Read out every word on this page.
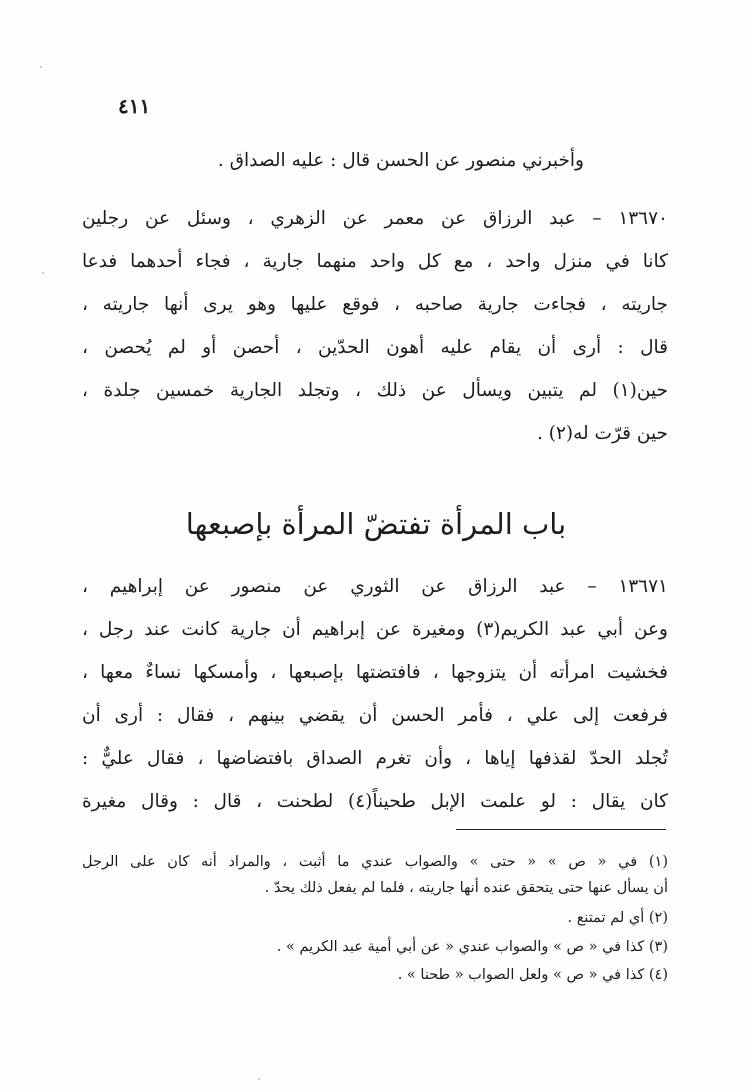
٤١١
وأخبرني منصور عن الحسن قال : عليه الصداق .
١٣٦٧٠ – عبد الرزاق عن معمر عن الزهري ، وسئل عن رجلين
كانا في منزل واحد ، مع كل واحد منهما جارية ، فجاء أحدهما فدعا
جاريته ، فجاءت جارية صاحبه ، فوقع عليها وهو يرى أنها جاريته ،
قال : أرى أن يقام عليه أهون الحدّين ، أحصن أو لم يُحصن ،
حين(١) لم يتبين ويسأل عن ذلك ، وتجلد الجارية خمسين جلدة ،
حين قرّت له(٢) .
باب المرأة تفتضّ المرأة بإصبعها
١٣٦٧١ – عبد الرزاق عن الثوري عن منصور عن إبراهيم ،
وعن أبي عبد الكريم(٣) ومغيرة عن إبراهيم أن جارية كانت عند رجل ،
فخشيت امرأته أن يتزوجها ، فافتضتها بإصبعها ، وأمسكها نساءٌ معها ،
فرفعت إلى علي ، فأمر الحسن أن يقضي بينهم ، فقال : أرى أن
تُجلد الحدّ لقذفها إياها ، وأن تغرم الصداق بافتضاضها ، فقال عليٌّ :
كان يقال : لو علمت الإبل طحيناً(٤) لطحنت ، قال : وقال مغيرة
(١) في « ص » « حتى » والصواب عندي ما أثبت ، والمراد أنه كان على الرجل
أن يسأل عنها حتى يتحقق عنده أنها جاريته ، فلما لم يفعل ذلك يحدّ .
(٢) أي لم تمتنع .
(٣) كذا في « ص » والصواب عندي « عن أبي أمية عبد الكريم » .
(٤) كذا في « ص » ولعل الصواب « طحنا » .
